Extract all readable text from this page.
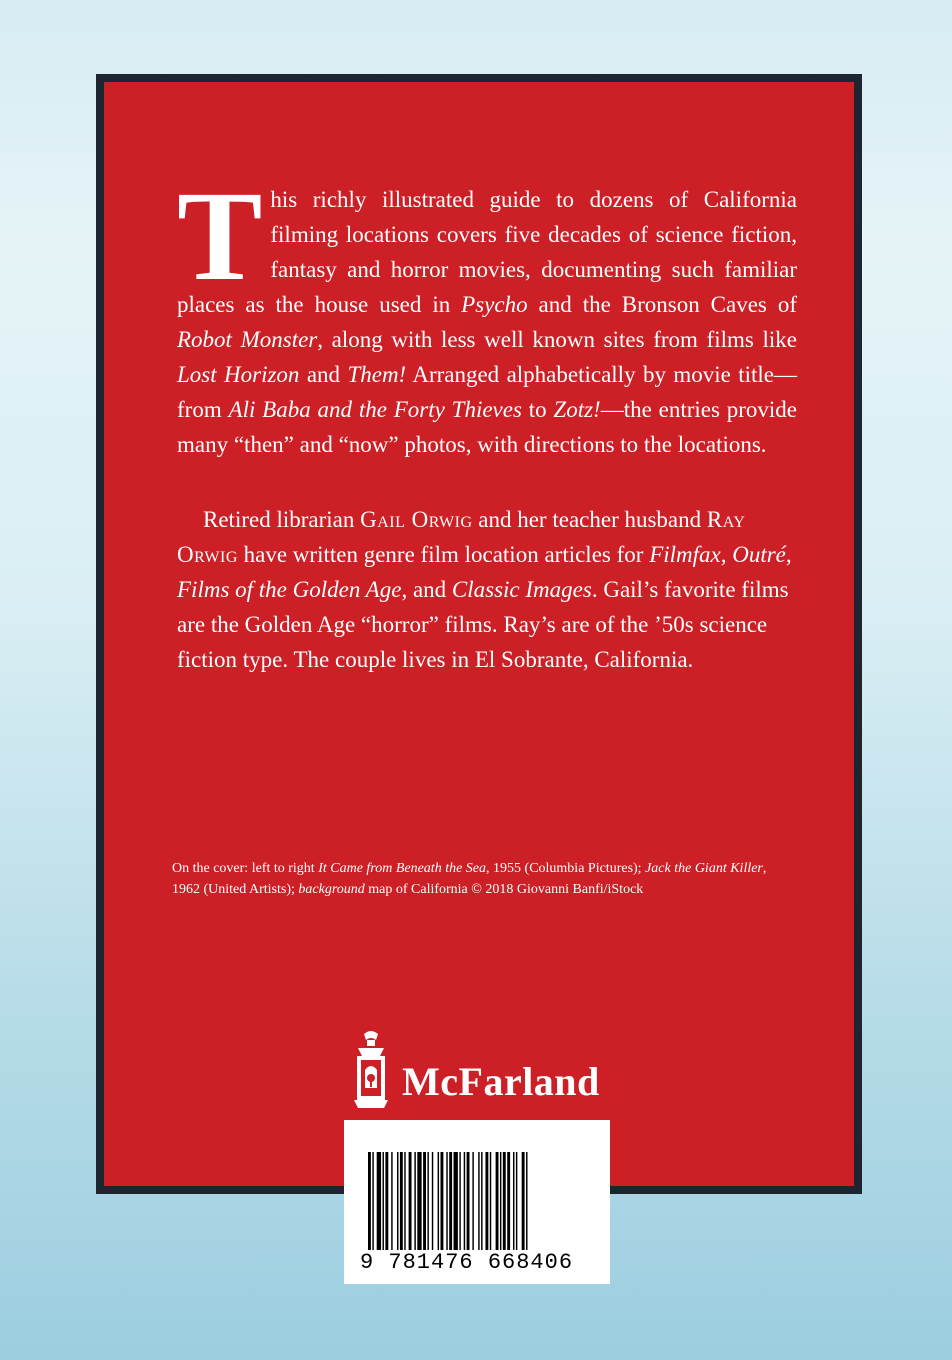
This richly illustrated guide to dozens of California filming locations covers five decades of science fiction, fantasy and horror movies, documenting such familiar places as the house used in Psycho and the Bronson Caves of Robot Monster, along with less well known sites from films like Lost Horizon and Them! Arranged alphabetically by movie title—from Ali Baba and the Forty Thieves to Zotz!—the entries provide many “then” and “now” photos, with directions to the locations.
Retired librarian Gail Orwig and her teacher husband Ray Orwig have written genre film location articles for Filmfax, Outré, Films of the Golden Age, and Classic Images. Gail’s favorite films are the Golden Age “horror” films. Ray’s are of the ’50s science fiction type. The couple lives in El Sobrante, California.
On the cover: left to right It Came from Beneath the Sea, 1955 (Columbia Pictures); Jack the Giant Killer, 1962 (United Artists); background map of California © 2018 Giovanni Banfi/iStock
McFarland
9 781476 668406
